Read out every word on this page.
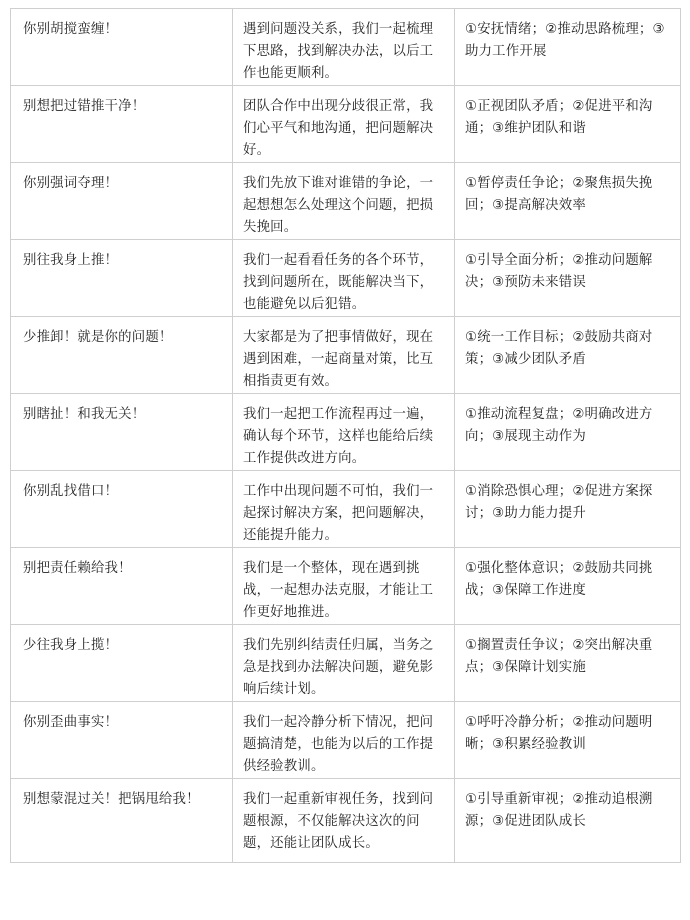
你别胡搅蛮缠！	遇到问题没关系，我们一起梳理下思路，找到解决办法，以后工作也能更顺利。	①安抚情绪；②推动思路梳理；③助力工作开展
别想把过错推干净！	团队合作中出现分歧很正常，我们心平气和地沟通，把问题解决好。	①正视团队矛盾；②促进平和沟通；③维护团队和谐
你别强词夺理！	我们先放下谁对谁错的争论，一起想想怎么处理这个问题，把损失挽回。	①暂停责任争论；②聚焦损失挽回；③提高解决效率
别往我身上推！	我们一起看看任务的各个环节，找到问题所在，既能解决当下，也能避免以后犯错。	①引导全面分析；②推动问题解决；③预防未来错误
少推卸！就是你的问题！	大家都是为了把事情做好，现在遇到困难，一起商量对策，比互相指责更有效。	①统一工作目标；②鼓励共商对策；③减少团队矛盾
别瞎扯！和我无关！	我们一起把工作流程再过一遍，确认每个环节，这样也能给后续工作提供改进方向。	①推动流程复盘；②明确改进方向；③展现主动作为
你别乱找借口！	工作中出现问题不可怕，我们一起探讨解决方案，把问题解决，还能提升能力。	①消除恐惧心理；②促进方案探讨；③助力能力提升
别把责任赖给我！	我们是一个整体，现在遇到挑战，一起想办法克服，才能让工作更好地推进。	①强化整体意识；②鼓励共同挑战；③保障工作进度
少往我身上揽！	我们先别纠结责任归属，当务之急是找到办法解决问题，避免影响后续计划。	①搁置责任争议；②突出解决重点；③保障计划实施
你别歪曲事实！	我们一起冷静分析下情况，把问题搞清楚，也能为以后的工作提供经验教训。	①呼吁冷静分析；②推动问题明晰；③积累经验教训
别想蒙混过关！把锅甩给我！	我们一起重新审视任务，找到问题根源，不仅能解决这次的问题，还能让团队成长。	①引导重新审视；②推动追根溯源；③促进团队成长
